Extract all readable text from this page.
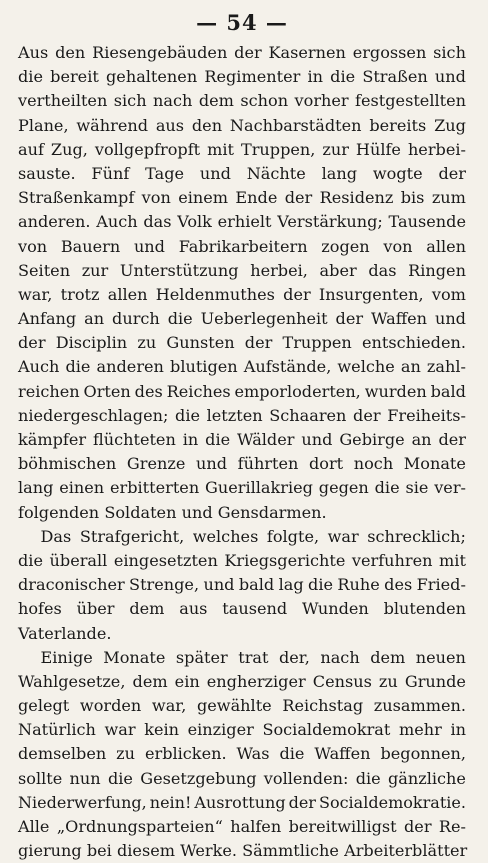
— 54 —
Aus den Riesengebäuden der Kasernen ergossen sich
die bereit gehaltenen Regimenter in die Straßen und
vertheilten sich nach dem schon vorher festgestellten
Plane, während aus den Nachbarstädten bereits Zug
auf Zug, vollgepfropft mit Truppen, zur Hülfe herbei-
sauste. Fünf Tage und Nächte lang wogte der
Straßenkampf von einem Ende der Residenz bis zum
anderen. Auch das Volk erhielt Verstärkung; Tausende
von Bauern und Fabrikarbeitern zogen von allen
Seiten zur Unterstützung herbei, aber das Ringen
war, trotz allen Heldenmuthes der Insurgenten, vom
Anfang an durch die Ueberlegenheit der Waffen und
der Disciplin zu Gunsten der Truppen entschieden.
Auch die anderen blutigen Aufstände, welche an zahl-
reichen Orten des Reiches emporloderten, wurden bald
niedergeschlagen; die letzten Schaaren der Freiheits-
kämpfer flüchteten in die Wälder und Gebirge an der
böhmischen Grenze und führten dort noch Monate
lang einen erbitterten Guerillakrieg gegen die sie ver-
folgenden Soldaten und Gensdarmen.
Das Strafgericht, welches folgte, war schrecklich;
die überall eingesetzten Kriegsgerichte verfuhren mit
draconischer Strenge, und bald lag die Ruhe des Fried-
hofes über dem aus tausend Wunden blutenden
Vaterlande.
Einige Monate später trat der, nach dem neuen
Wahlgesetze, dem ein engherziger Census zu Grunde
gelegt worden war, gewählte Reichstag zusammen.
Natürlich war kein einziger Socialdemokrat mehr in
demselben zu erblicken. Was die Waffen begonnen,
sollte nun die Gesetzgebung vollenden: die gänzliche
Niederwerfung, nein! Ausrottung der Socialdemokratie.
Alle „Ordnungsparteien“ halfen bereitwilligst der Re-
gierung bei diesem Werke. Sämmtliche Arbeiterblätter
